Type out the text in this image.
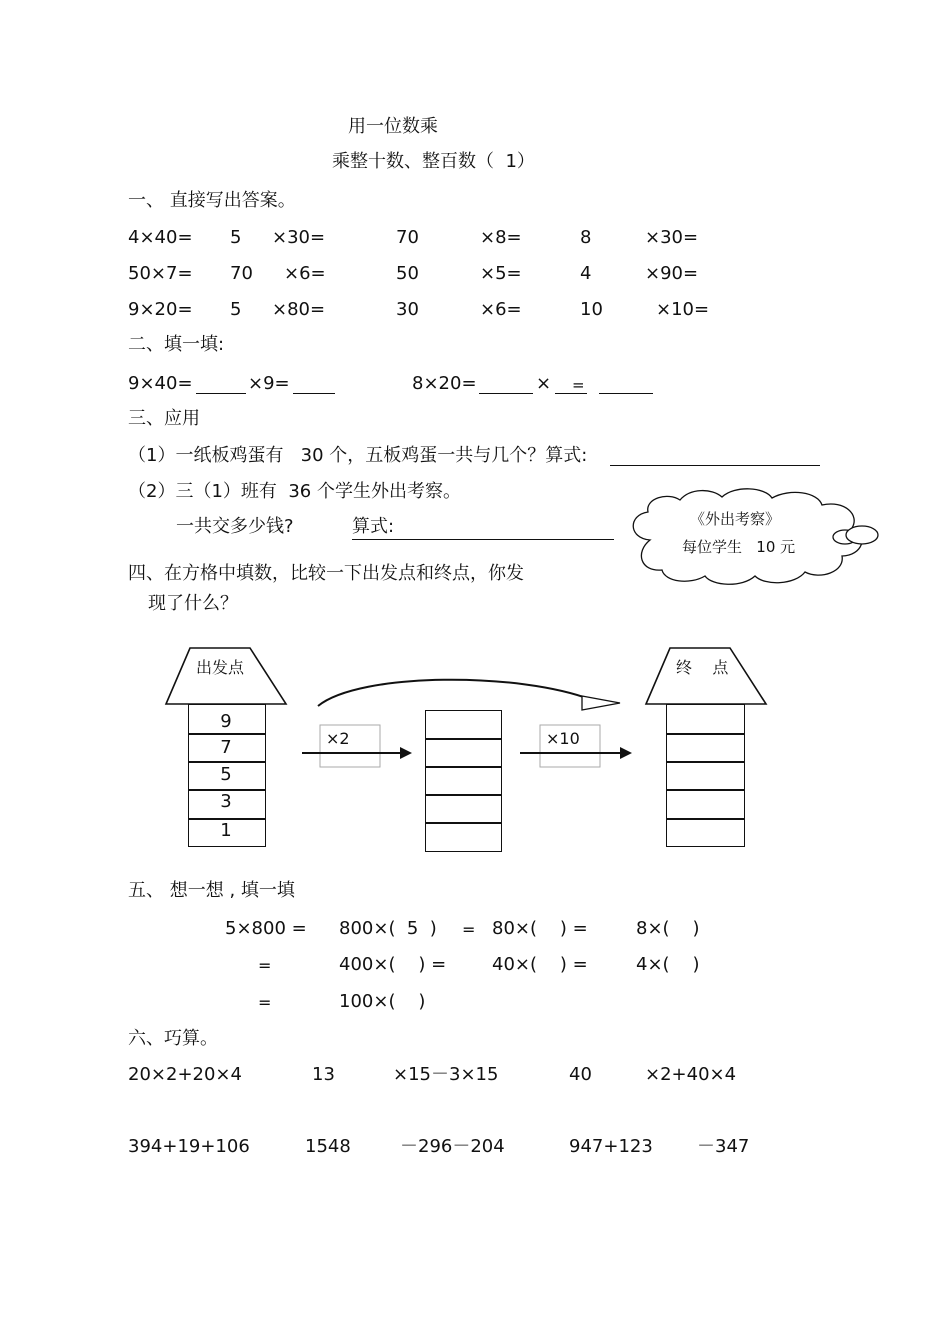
用一位数乘
乘整十数、整百数（  1）
一、 直接写出答案。
4×40= 5 ×30=	70	×8=	8	×30=
50×7= 70 ×6=	50	×5=	4	×90=
9×20= 5 ×80=	30	×6=	10	×10=
二、填一填:
9×40=	×9=	8×20=	× =
三、应用
（1）一纸板鸡蛋有   30 个，五板鸡蛋一共与几个？算式:
（2）三（1）班有  36 个学生外出考察。
一共交多少钱?	算式:	《外出考察》
每位学生   10 元
四、在方格中填数，比较一下出发点和终点，你发
现了什么？
出发点	终    点
×2	×10
9
7
5
3
1
五、 想一想 , 填一填
5×800 = 800×(  5  ) = 80×(    ) =	8×(    )
=	400×(    ) =	40×(    ) =	4×(    )
=	100×(    )
六、巧算。
20×2+20×4	13	×15－3×15	40	×2+40×4
394+19+106	1548	－296－204	947+123 －347
